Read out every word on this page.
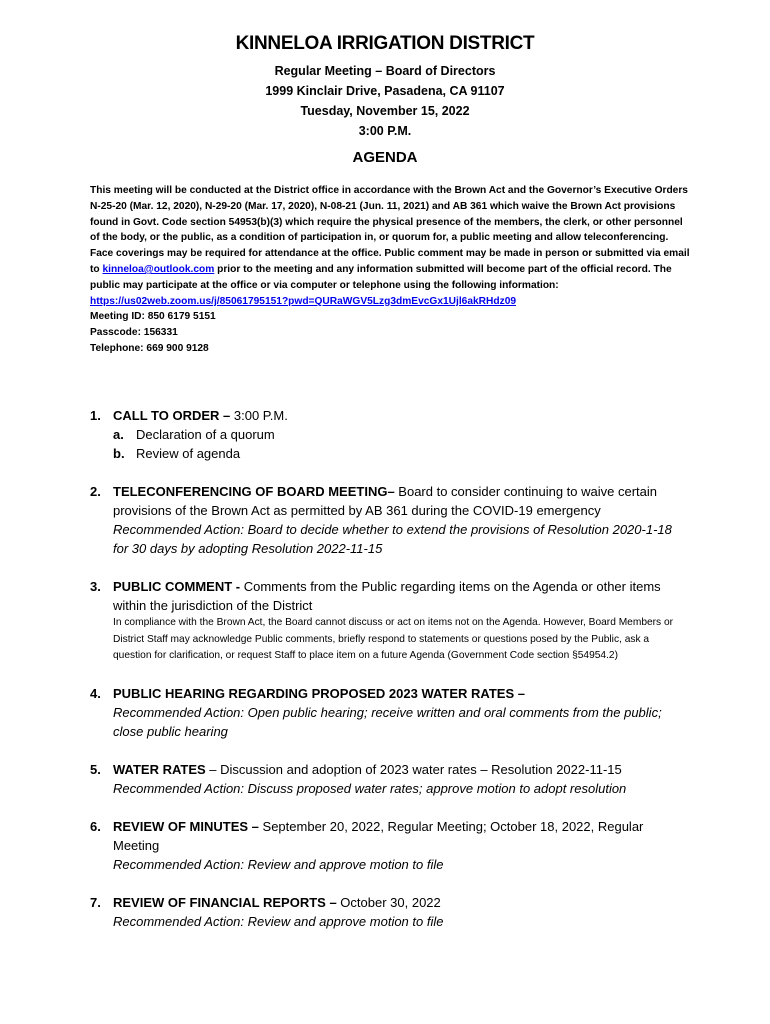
KINNELOA IRRIGATION DISTRICT
Regular Meeting – Board of Directors
1999 Kinclair Drive, Pasadena, CA 91107
Tuesday, November 15, 2022
3:00 P.M.
AGENDA

This meeting will be conducted at the District office in accordance with the Brown Act and the Governor’s Executive Orders N-25-20 (Mar. 12, 2020), N-29-20 (Mar. 17, 2020), N-08-21 (Jun. 11, 2021) and AB 361 which waive the Brown Act provisions found in Govt. Code section 54953(b)(3) which require the physical presence of the members, the clerk, or other personnel of the body, or the public, as a condition of participation in, or quorum for, a public meeting and allow teleconferencing. Face coverings may be required for attendance at the office. Public comment may be made in person or submitted via email to kinneloa@outlook.com prior to the meeting and any information submitted will become part of the official record. The public may participate at the office or via computer or telephone using the following information:

https://us02web.zoom.us/j/85061795151?pwd=QURaWGV5Lzg3dmEvcGx1Ujl6akRHdz09

Meeting ID: 850 6179 5151

Passcode: 156331

Telephone: 669 900 9128

1. CALL TO ORDER – 3:00 P.M.
a. Declaration of a quorum
b. Review of agenda
2. TELECONFERENCING OF BOARD MEETING– Board to consider continuing to waive certain provisions of the Brown Act as permitted by AB 361 during the COVID-19 emergency
Recommended Action: Board to decide whether to extend the provisions of Resolution 2020-1-18 for 30 days by adopting Resolution 2022-11-15
3. PUBLIC COMMENT - Comments from the Public regarding items on the Agenda or other items within the jurisdiction of the District
In compliance with the Brown Act, the Board cannot discuss or act on items not on the Agenda. However, Board Members or District Staff may acknowledge Public comments, briefly respond to statements or questions posed by the Public, ask a question for clarification, or request Staff to place item on a future Agenda (Government Code section §54954.2)
4. PUBLIC HEARING REGARDING PROPOSED 2023 WATER RATES –
Recommended Action: Open public hearing; receive written and oral comments from the public; close public hearing
5. WATER RATES – Discussion and adoption of 2023 water rates – Resolution 2022-11-15
Recommended Action: Discuss proposed water rates; approve motion to adopt resolution
6. REVIEW OF MINUTES – September 20, 2022, Regular Meeting; October 18, 2022, Regular Meeting
Recommended Action: Review and approve motion to file
7. REVIEW OF FINANCIAL REPORTS – October 30, 2022
Recommended Action: Review and approve motion to file
